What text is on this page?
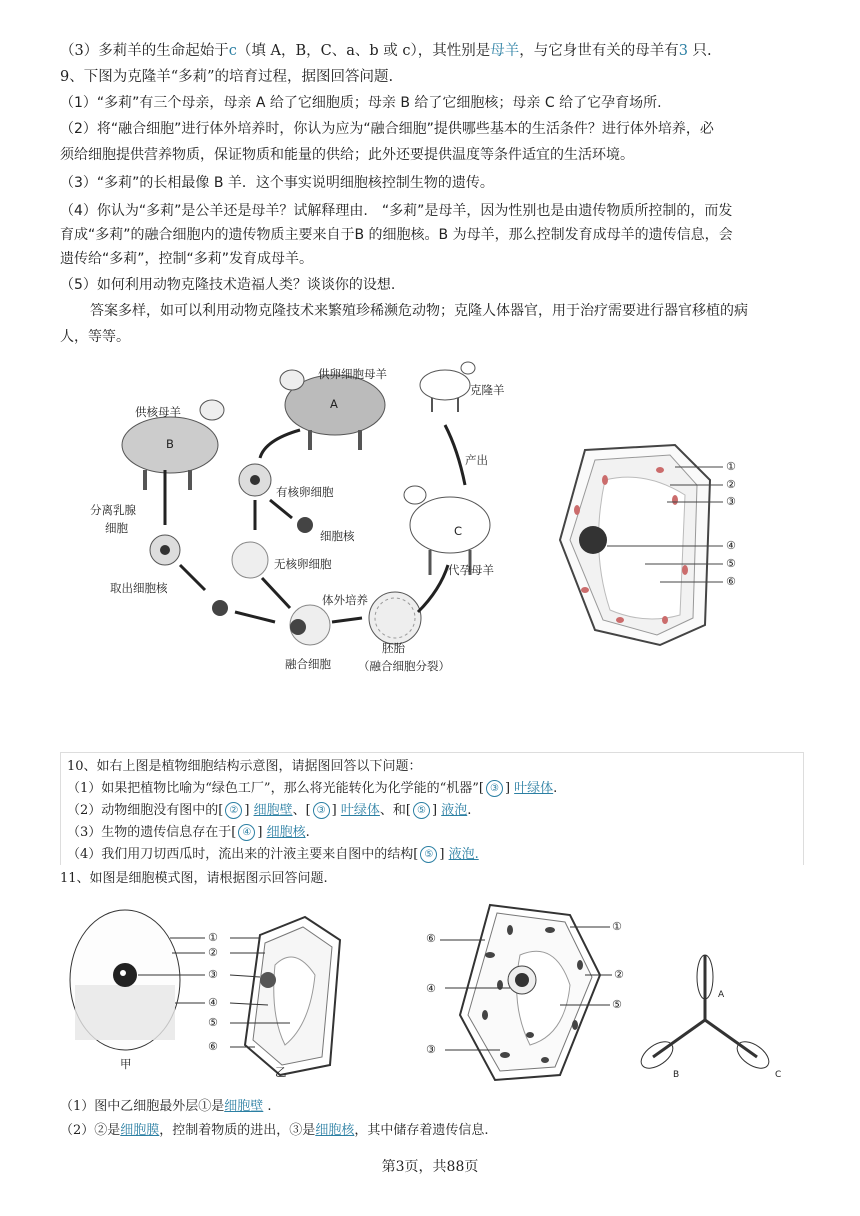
（3）多莉羊的生命起始于c（填 A，B，C、a、b 或 c），其性别是母羊，与它身世有关的母羊有3 只.
9、下图为克隆羊“多莉”的培育过程，据图回答问题.
（1）“多莉”有三个母亲，母亲 A 给了它细胞质；母亲 B 给了它细胞核；母亲 C 给了它孕育场所.
（2）将“融合细胞”进行体外培养时，你认为应为“融合细胞”提供哪些基本的生活条件？进行体外培养，必
须给细胞提供营养物质，保证物质和能量的供给；此外还要提供温度等条件适宜的生活环境。
（3）“多莉”的长相最像 B 羊．这个事实说明细胞核控制生物的遗传。
（4）你认为“多莉”是公羊还是母羊？试解释理由.　“多莉”是母羊，因为性别也是由遗传物质所控制的，而发
育成“多莉”的融合细胞内的遗传物质主要来自于B 的细胞核。B 为母羊，那么控制发育成母羊的遗传信息，会
遗传给“多莉”，控制“多莉”发育成母羊。
（5）如何利用动物克隆技术造福人类？谈谈你的设想.
答案多样，如可以利用动物克隆技术来繁殖珍稀濒危动物；克隆人体器官，用于治疗需要进行器官移植的病
人，等等。
供卵细胞母羊
A
克隆羊
供核母羊
B
产出
有核卵细胞
分离乳腺
细胞
细胞核	C
无核卵细胞	代孕母羊
取出细胞核
体外培养
融合细胞
胚胎
（融合细胞分裂）
①
②
③
④
⑤
⑥
10、如右上图是植物细胞结构示意图，请据图回答以下问题：
（1）如果把植物比喻为“绿色工厂”，那么将光能转化为化学能的“机器”[ ③ ] 叶绿体.
（2）动物细胞没有图中的[ ② ] 细胞壁、[ ③ ] 叶绿体、和[ ⑤ ] 液泡.
（3）生物的遗传信息存在于[ ④ ] 细胞核.
（4）我们用刀切西瓜时，流出来的汁液主要来自图中的结构[ ⑤ ] 液泡.
11、如图是细胞模式图，请根据图示回答问题.
①
②
③
④
⑤
⑥
⑥
①
②
④
⑤
③
甲
乙
A
B	C
（1）图中乙细胞最外层①是细胞壁 .
（2）②是细胞膜，控制着物质的进出，③是细胞核，其中储存着遗传信息.
第3页，共88页
